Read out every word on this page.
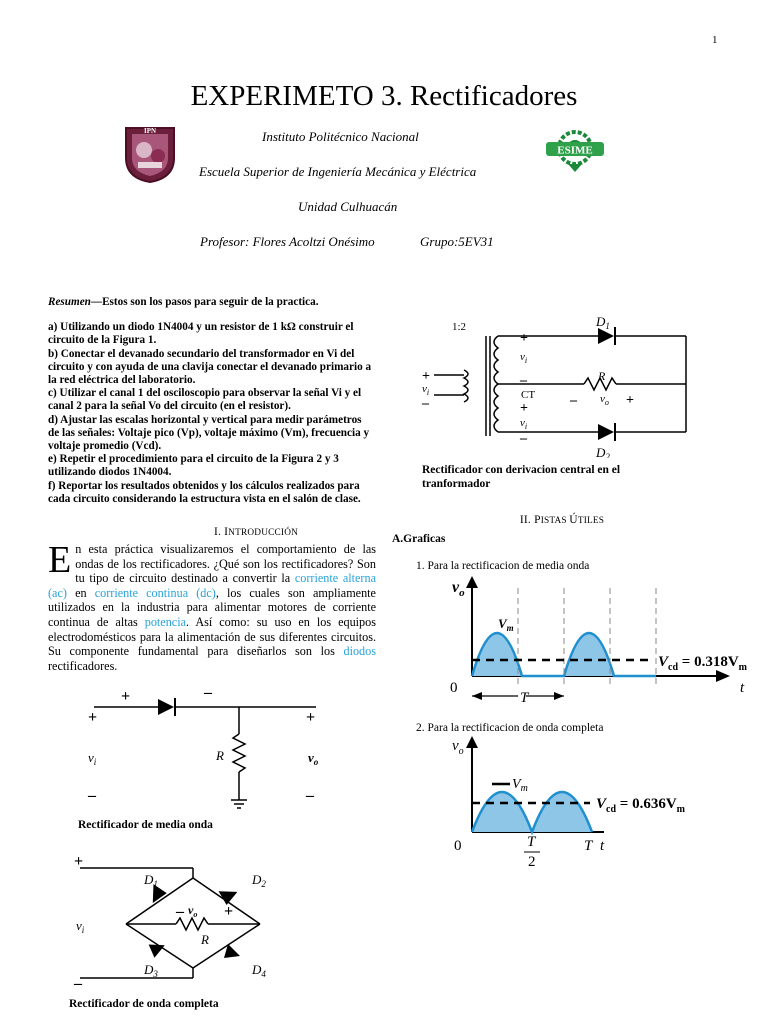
1
EXPERIMETO 3. Rectificadores
Instituto Politécnico Nacional
Escuela Superior de Ingeniería Mecánica y Eléctrica
Unidad Culhuacán
Profesor: Flores Acoltzi Onésimo	Grupo:5EV31
IPN
ESIME

Resumen—Estos son los pasos para seguir de la practica.

a) Utilizando un diodo 1N4004 y un resistor de 1 kΩ construir el circuito de la Figura 1.

b) Conectar el devanado secundario del transformador en Vi del circuito y con ayuda de una clavija conectar el devanado primario a la red eléctrica del laboratorio.

c) Utilizar el canal 1 del osciloscopio para observar la señal Vi y el canal 2 para la señal Vo del circuito (en el resistor).

d) Ajustar las escalas horizontal y vertical para medir parámetros de las señales: Voltaje pico (Vp), voltaje máximo (Vm), frecuencia y voltaje promedio (Vcd).

e) Repetir el procedimiento para el circuito de la Figura 2 y 3 utilizando diodos 1N4004.

f) Reportar los resultados obtenidos y los cálculos realizados para cada circuito considerando la estructura vista en el salón de clase.

I. INTRODUCCIÓN
En esta práctica visualizaremos el comportamiento de las ondas de los rectificadores. ¿Qué son los rectificadores? Son tu tipo de circuito destinado a convertir la corriente alterna (ac) en corriente continua (dc), los cuales son ampliamente utilizados en la industria para alimentar motores de corriente continua de altas potencia. Así como: su uso en los equipos electrodomésticos para la alimentación de sus diferentes circuitos. Su componente fundamental para diseñarlos son los diodos rectificadores.
+	–
+
–
+
–
$v_i$	R	$v_o$
Rectificador de media onda
+
–
$v_i$
$D_1$	$D_2$
$D_3$	$D_4$
– $v_o$ +
R
Rectificador de onda completa
1:2	$D_1$
$D_2$
R
CT
+
–
$v_i$
+
$v_i$
–
+
$v_i$
–
– $v_o$ +
Rectificador con derivacion central en el tranformador
II. PISTAS ÚTILES
A.Graficas
1. Para la rectificacion de media onda
2. Para la rectificacion de onda completa
$v_o$
$V_m$
$V_{cd} = 0.318V_m$
0
T
t
$v_o$
$V_m$
$V_{cd} = 0.636V_m$
0	T
2
T t
